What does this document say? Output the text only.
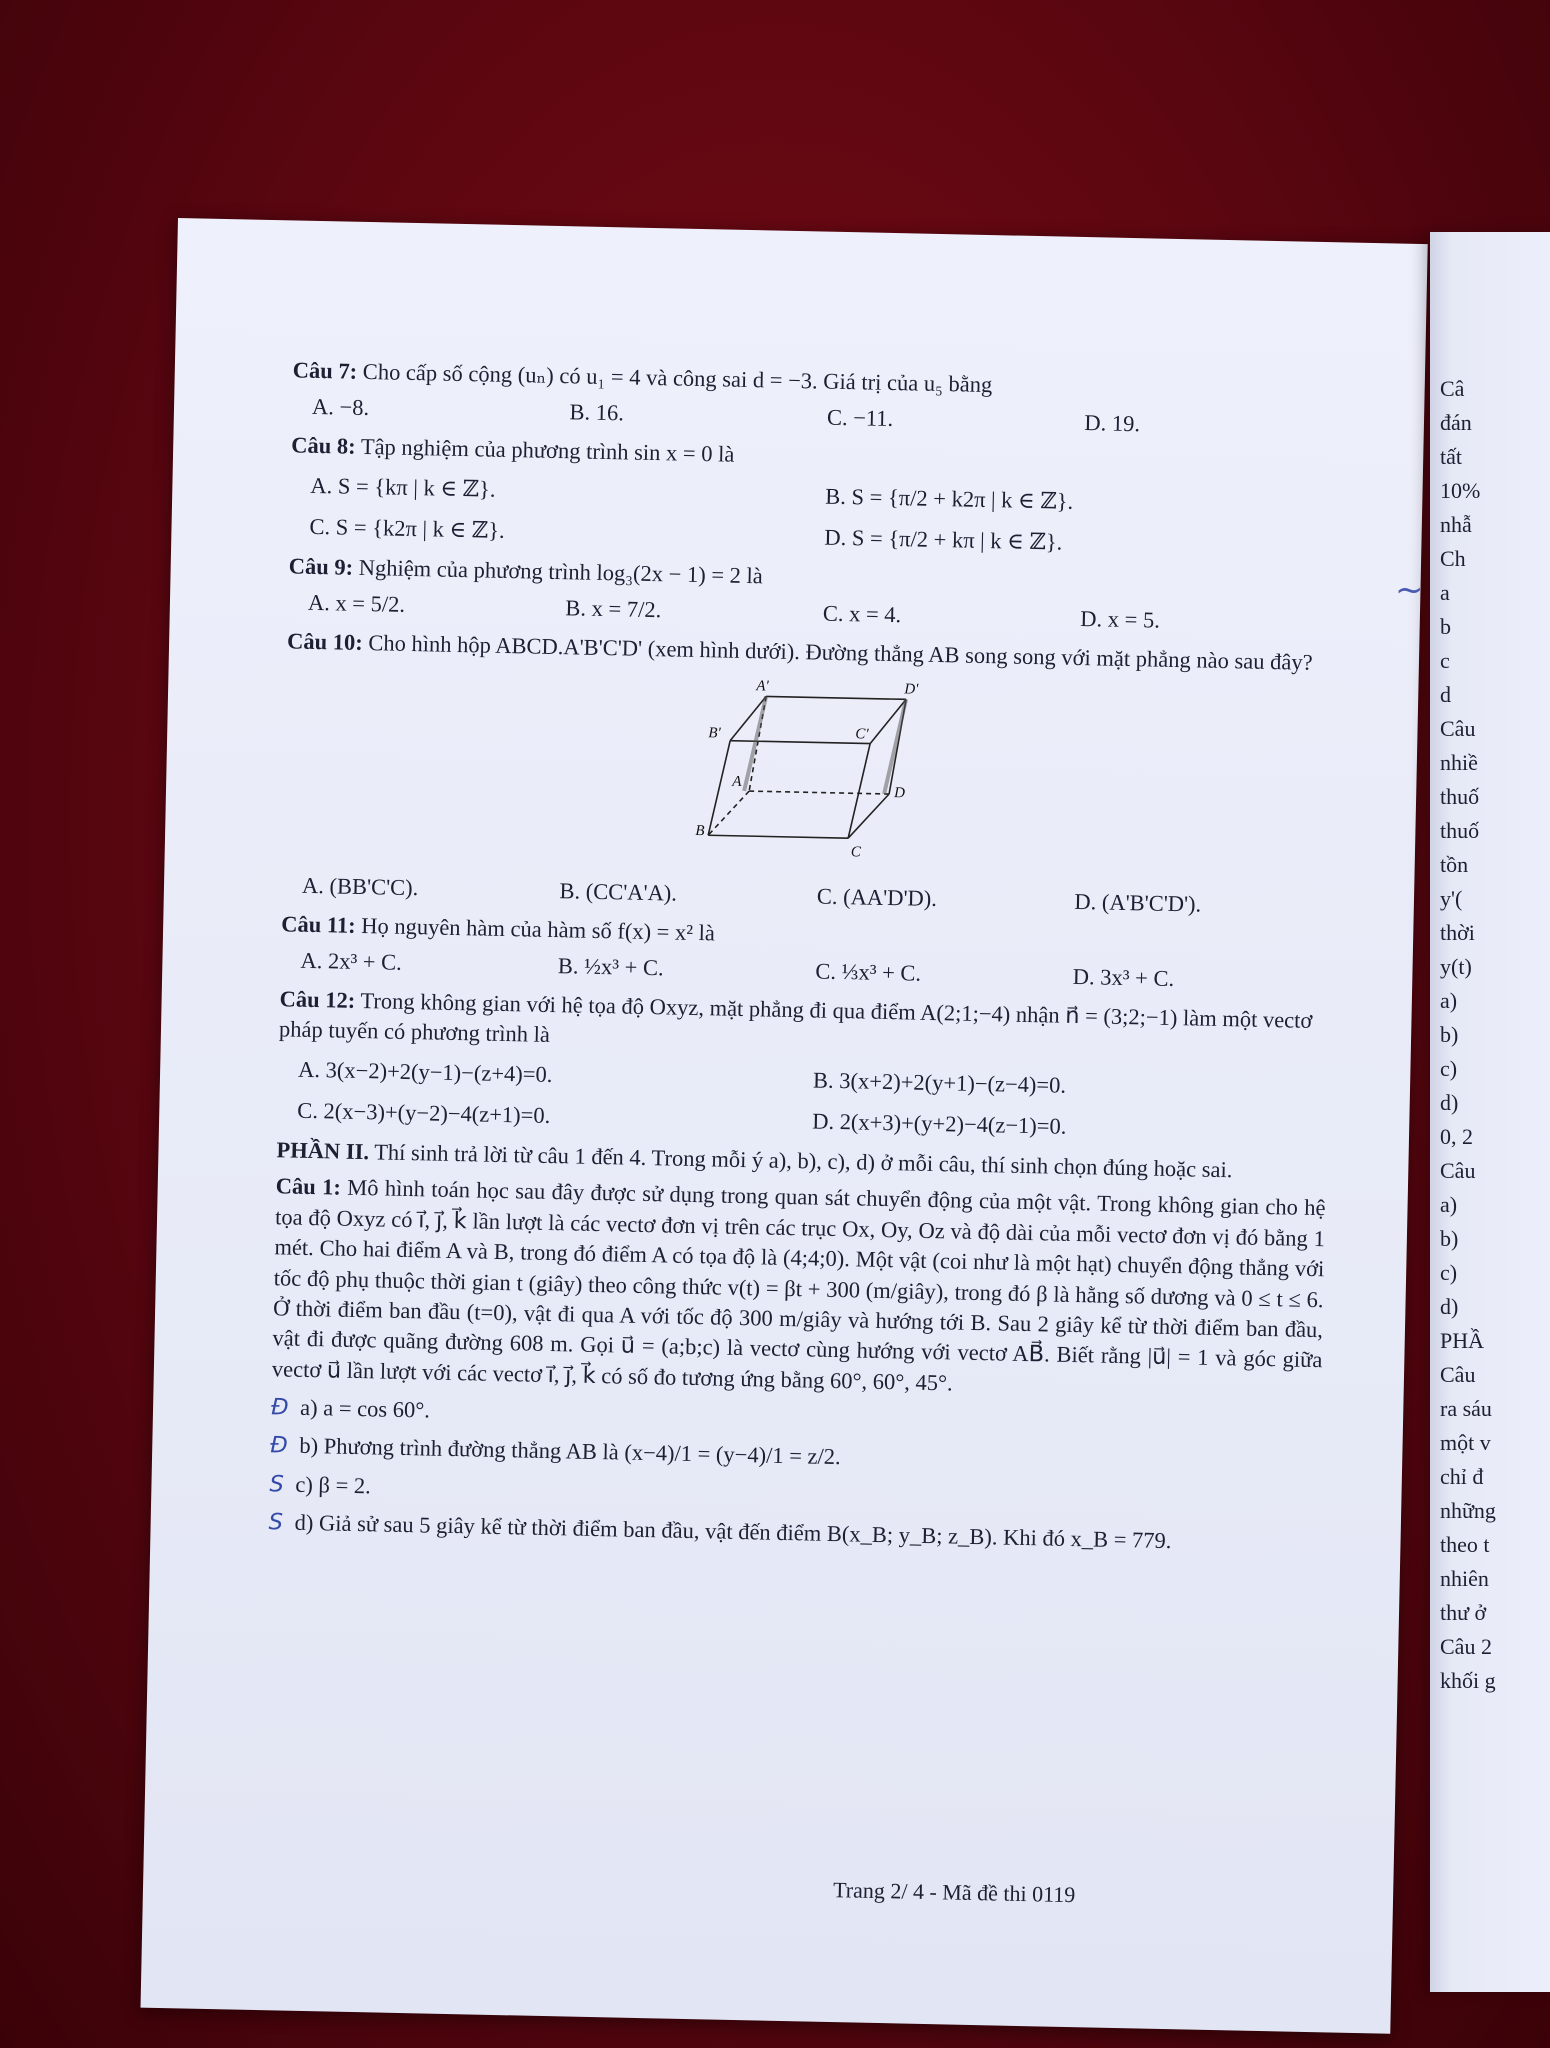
Câu 7: Cho cấp số cộng (uₙ) có u₁ = 4 và công sai d = −3. Giá trị của u₅ bằng
A. −8.	B. 16.	C. −11.	D. 19.
Câu 8: Tập nghiệm của phương trình sin x = 0 là
A. S = {kπ | k ∈ ℤ}.	B. S = {π/2 + k2π | k ∈ ℤ}.
C. S = {k2π | k ∈ ℤ}.	D. S = {π/2 + kπ | k ∈ ℤ}.
Câu 9: Nghiệm của phương trình log₃(2x − 1) = 2 là
A. x = 5/2.	B. x = 7/2.	C. x = 4.	D. x = 5.
Câu 10: Cho hình hộp ABCD.A'B'C'D' (xem hình dưới). Đường thẳng AB song song với mặt phẳng nào sau đây?
A'	D'
B'	C'
A
D
B
C
A. (BB'C'C).	B. (CC'A'A).	C. (AA'D'D).	D. (A'B'C'D').
Câu 11: Họ nguyên hàm của hàm số f(x) = x² là
A. 2x³ + C.	B. ½x³ + C.	C. ⅓x³ + C.	D. 3x³ + C.
Câu 12: Trong không gian với hệ tọa độ Oxyz, mặt phẳng đi qua điểm A(2;1;−4) nhận n⃗ = (3;2;−1) làm một vectơ pháp tuyến có phương trình là
A. 3(x−2)+2(y−1)−(z+4)=0.	B. 3(x+2)+2(y+1)−(z−4)=0.
C. 2(x−3)+(y−2)−4(z+1)=0.	D. 2(x+3)+(y+2)−4(z−1)=0.
PHẦN II. Thí sinh trả lời từ câu 1 đến 4. Trong mỗi ý a), b), c), d) ở mỗi câu, thí sinh chọn đúng hoặc sai.
Câu 1: Mô hình toán học sau đây được sử dụng trong quan sát chuyển động của một vật. Trong không gian cho hệ tọa độ Oxyz có i⃗, j⃗, k⃗ lần lượt là các vectơ đơn vị trên các trục Ox, Oy, Oz và độ dài của mỗi vectơ đơn vị đó bằng 1 mét. Cho hai điểm A và B, trong đó điểm A có tọa độ là (4;4;0). Một vật (coi như là một hạt) chuyển động thẳng với tốc độ phụ thuộc thời gian t (giây) theo công thức v(t) = βt + 300 (m/giây), trong đó β là hằng số dương và 0 ≤ t ≤ 6. Ở thời điểm ban đầu (t=0), vật đi qua A với tốc độ 300 m/giây và hướng tới B. Sau 2 giây kể từ thời điểm ban đầu, vật đi được quãng đường 608 m. Gọi u⃗ = (a;b;c) là vectơ cùng hướng với vectơ AB⃗. Biết rằng |u⃗| = 1 và góc giữa vectơ u⃗ lần lượt với các vectơ i⃗, j⃗, k⃗ có số đo tương ứng bằng 60°, 60°, 45°.
Đ a) a = cos 60°.
Đ b) Phương trình đường thẳng AB là (x−4)/1 = (y−4)/1 = z/2.
S c) β = 2.
S d) Giả sử sau 5 giây kể từ thời điểm ban đầu, vật đến điểm B(x_B; y_B; z_B). Khi đó x_B = 779.
Trang 2/ 4 - Mã đề thi 0119
Câ
đán
tất
10%
nhẫ
Ch
a
b
c
d
Câu
nhiề
thuố
thuố
tồn
y'(
thời
y(t)
a)
b)
c)
d)
0, 2
Câu
a)
b)
c)
d)
PHẦ
Câu
ra sáu
một v
chỉ đ
những
theo t
nhiên
thư ở
Câu 2
khối g
~
